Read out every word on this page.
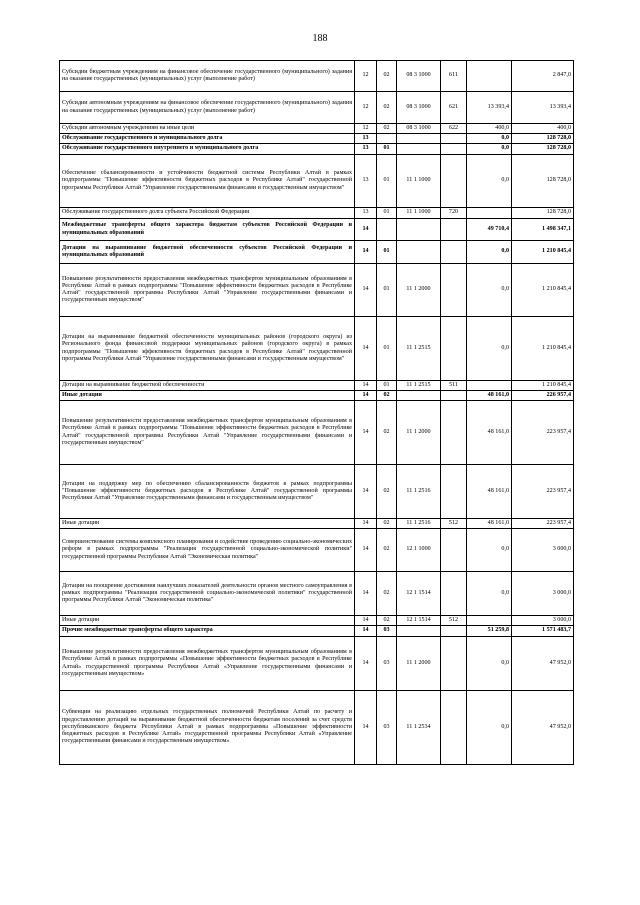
188
Субсидии бюджетным учреждениям на финансовое обеспечение государственного (муниципального) задания на оказание государственных (муниципальных) услуг (выполнение работ)	12	02	08 3 1000	611		2 847,0
Субсидии автономным учреждениям на финансовое обеспечение государственного (муниципального) задания на оказание государственных (муниципальных) услуг (выполнение работ)	12	02	08 3 1000	621	13 393,4	13 393,4
Субсидии автономным учреждениям на иные цели	12	02	08 3 1000	622	400,0	400,0
Обслуживание государственного и муниципального долга	13				0,0	128 728,0
Обслуживание государственного внутреннего и муниципального долга	13	01			0,0	128 728,0
Обеспечение сбалансированности и устойчивости бюджетной системы Республики Алтай в рамках подпрограммы "Повышение эффективности бюджетных расходов в Республике Алтай" государственной программы Республики Алтай "Управление государственными финансами и государственным имуществом"	13	01	11 1 1000		0,0	128 728,0
Обслуживание государственного долга субъекта Российской Федерации	13	01	11 1 1000	720		128 728,0
Межбюджетные трансферты общего характера бюджетам субъектов Российской Федерации и муниципальных образований	14				49 710,4	1 498 347,1
Дотации на выравнивание бюджетной обеспеченности субъектов Российской Федерации и муниципальных образований	14	01			0,0	1 210 845,4
Повышение результативности предоставления межбюджетных трансфертов муниципальным образованиям в Республике Алтай в рамках подпрограммы "Повышение эффективности бюджетных расходов в Республике Алтай" государственной программы Республики Алтай "Управление государственными финансами и государственным имуществом"	14	01	11 1 2000		0,0	1 210 845,4
Дотации на выравнивание бюджетной обеспеченности муниципальных районов (городского округа) из Регионального фонда финансовой поддержки муниципальных районов (городского округа) в рамках подпрограммы "Повышение эффективности бюджетных расходов в Республике Алтай" государственной программы Республики Алтай "Управление государственными финансами и государственным имуществом"	14	01	11 1 2515		0,0	1 210 845,4
Дотации на выравнивание бюджетной обеспеченности	14	01	11 1 2515	511		1 210 845,4
Иные дотации	14	02			48 161,0	226 957,4
Повышение результативности предоставления межбюджетных трансфертов муниципальным образованиям в Республике Алтай в рамках подпрограммы "Повышение эффективности бюджетных расходов в Республике Алтай" государственной программы Республики Алтай "Управление государственными финансами и государственным имуществом"	14	02	11 1 2000		48 161,0	223 957,4
Дотации на поддержку мер по обеспечению сбалансированности бюджетов в рамках подпрограммы "Повышение эффективности бюджетных расходов в Республике Алтай" государственной программы Республики Алтай "Управление государственными финансами и государственным имуществом"	14	02	11 1 2516		48 161,0	223 957,4
Иные дотации	14	02	11 1 2516	512	48 161,0	223 957,4
Совершенствование системы комплексного планирования и содействие проведению социально-экономических реформ в рамках подпрограммы "Реализация государственной социально-экономической политики" государственной программы Республики Алтай "Экономическая политика"	14	02	12 1 1000		0,0	3 000,0
Дотации на поощрение достижения наилучших показателей деятельности органов местного самоуправления в рамках подпрограммы "Реализация государственной социально-экономической политики" государственной программы Республики Алтай "Экономическая политика"	14	02	12 1 1514		0,0	3 000,0
Иные дотации	14	02	12 1 1514	512		3 000,0
Прочие межбюджетные трансферты общего характера	14	03			51 259,8	1 571 483,7
Повышение результативности предоставления межбюджетных трансфертов муниципальным образованиям в Республике Алтай в рамках подпрограммы «Повышение эффективности бюджетных расходов в Республике Алтай» государственной программы Республики Алтай «Управление государственными финансами и государственным имуществом»	14	03	11 1 2000		0,0	47 952,0
Субвенции на реализацию отдельных государственных полномочий Республики Алтай по расчету и предоставлению дотаций на выравнивание бюджетной обеспеченности бюджетам поселений за счет средств республиканского бюджета Республики Алтай в рамках подпрограммы «Повышение эффективности бюджетных расходов в Республике Алтай» государственной программы Республики Алтай «Управление государственными финансами и государственным имуществом»	14	03	11 1 2534		0,0	47 952,0
